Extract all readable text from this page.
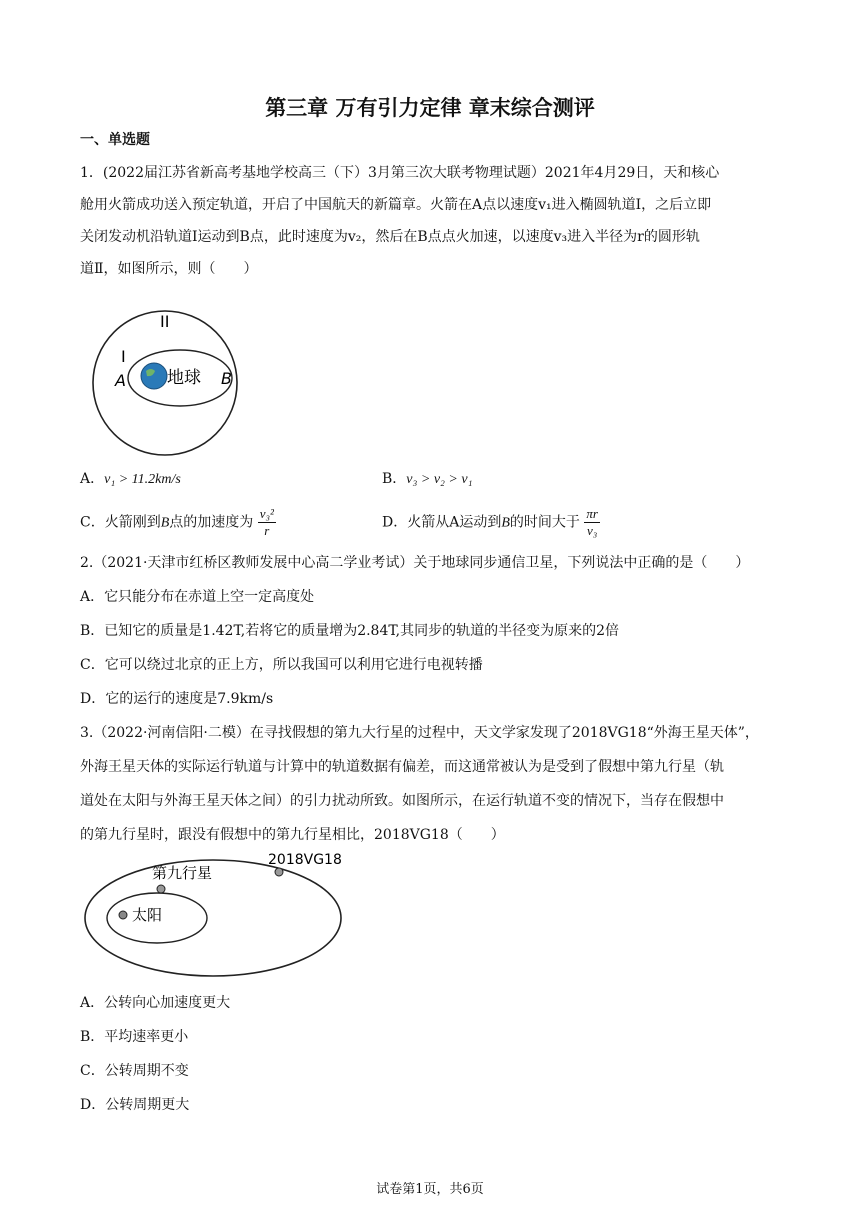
第三章 万有引力定律 章末综合测评
一、单选题
1．(2022届江苏省新高考基地学校高三（下）3月第三次大联考物理试题）2021年4月29日，天和核心
舱用火箭成功送入预定轨道，开启了中国航天的新篇章。火箭在A点以速度v₁进入椭圆轨道Ⅰ，之后立即
关闭发动机沿轨道Ⅰ运动到B点，此时速度为v₂，然后在B点点火加速，以速度v₃进入半径为r的圆形轨
道Ⅱ，如图所示，则（　　）
II
I
A	B
地球
A．v₁ > 11.2km/s	B．v₃ > v₂ > v₁
C．火箭刚到B点的加速度为 $\frac{\text{v₃²}}{r}$	D．火箭从A运动到B的时间大于 $\frac{\pi r}{\text{v₃}}$
2.（2021·天津市红桥区教师发展中心高二学业考试）关于地球同步通信卫星，下列说法中正确的是（　　）
A．它只能分布在赤道上空一定高度处
B．已知它的质量是1.42T,若将它的质量增为2.84T,其同步的轨道的半径变为原来的2倍
C．它可以绕过北京的正上方，所以我国可以利用它进行电视转播
D．它的运行的速度是7.9km/s
3.（2022·河南信阳·二模）在寻找假想的第九大行星的过程中，天文学家发现了2018VG18“外海王星天体”，
外海王星天体的实际运行轨道与计算中的轨道数据有偏差，而这通常被认为是受到了假想中第九行星（轨
道处在太阳与外海王星天体之间）的引力扰动所致。如图所示，在运行轨道不变的情况下，当存在假想中
的第九行星时，跟没有假想中的第九行星相比，2018VG18（　　）
2018VG18
第九行星
太阳
A．公转向心加速度更大
B．平均速率更小
C．公转周期不变
D．公转周期更大
试卷第1页，共6页
